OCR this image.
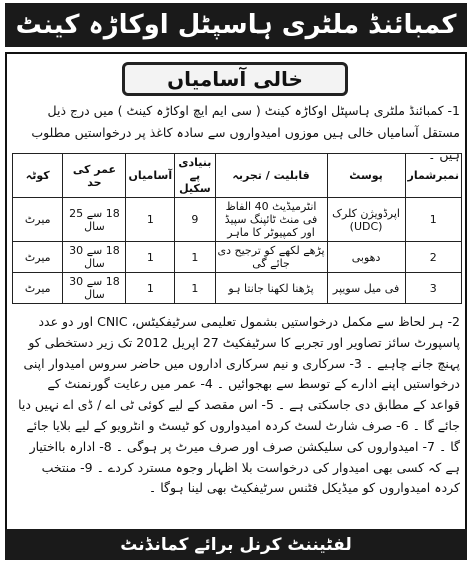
کمبائنڈ ملٹری ہاسپٹل اوکاڑہ کینٹ
خالی آسامیاں
1- کمبائنڈ ملٹری ہاسپٹل اوکاڑہ کینٹ ( سی ایم ایچ اوکاڑہ کینٹ ) میں درج ذیل مستقل آسامیاں خالی ہیں موزوں امیدواروں سے سادہ کاغذ پر درخواستیں مطلوب ہیں ۔
نمبرشمار	پوسٹ	قابلیت / تجربہ	بنیادی پے سکیل	آسامیاں	عمر کی حد	کوٹہ
1	اپرڈویژن کلرک (UDC)	انٹرمیڈیٹ 40 الفاظ فی منٹ ٹائپنگ سپیڈ اور کمپیوٹر کا ماہر	9	1	18 سے 25 سال	میرٹ
2	دھوبی	پڑھے لکھے کو ترجیح دی جائے گی	1	1	18 سے 30 سال	میرٹ
3	فی میل سویپر	پڑھنا لکھنا جانتا ہو	1	1	18 سے 30 سال	میرٹ
2- ہر لحاظ سے مکمل درخواستیں بشمول تعلیمی سرٹیفکیٹس، CNIC اور دو عدد پاسپورٹ سائز تصاویر اور تجربے کا سرٹیفکیٹ 27 اپریل 2012 تک زیر دستخطی کو پہنچ جانے چاہیے ۔ 3- سرکاری و نیم سرکاری اداروں میں حاضر سروس امیدوار اپنی درخواستیں اپنے ادارے کے توسط سے بھجوائیں ۔ 4- عمر میں رعایت گورنمنٹ کے قواعد کے مطابق دی جاسکتی ہے ۔ 5- اس مقصد کے لیے کوئی ٹی اے / ڈی اے نہیں دیا جائے گا ۔ 6- صرف شارٹ لسٹ کردہ امیدواروں کو ٹیسٹ و انٹرویو کے لیے بلایا جائے گا ۔ 7- امیدواروں کی سلیکشن صرف اور صرف میرٹ پر ہوگی ۔ 8- ادارہ بااختیار ہے کہ کسی بھی امیدوار کی درخواست بلا اظہار وجوہ مسترد کردے ۔ 9- منتخب کردہ امیدواروں کو میڈیکل فٹنس سرٹیفکیٹ بھی لینا ہوگا ۔
لفٹیننٹ کرنل برائے کمانڈنٹ
